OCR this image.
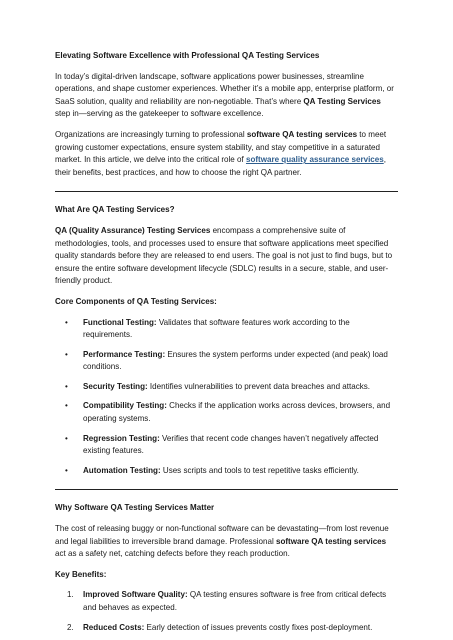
Elevating Software Excellence with Professional QA Testing Services

In today’s digital-driven landscape, software applications power businesses, streamline operations, and shape customer experiences. Whether it’s a mobile app, enterprise platform, or SaaS solution, quality and reliability are non-negotiable. That’s where QA Testing Services step in—serving as the gatekeeper to software excellence.

Organizations are increasingly turning to professional software QA testing services to meet growing customer expectations, ensure system stability, and stay competitive in a saturated market. In this article, we delve into the critical role of software quality assurance services, their benefits, best practices, and how to choose the right QA partner.

What Are QA Testing Services?

QA (Quality Assurance) Testing Services encompass a comprehensive suite of methodologies, tools, and processes used to ensure that software applications meet specified quality standards before they are released to end users. The goal is not just to find bugs, but to ensure the entire software development lifecycle (SDLC) results in a secure, stable, and user-friendly product.

Core Components of QA Testing Services:

• Functional Testing: Validates that software features work according to the requirements.
• Performance Testing: Ensures the system performs under expected (and peak) load conditions.
• Security Testing: Identifies vulnerabilities to prevent data breaches and attacks.
• Compatibility Testing: Checks if the application works across devices, browsers, and operating systems.
• Regression Testing: Verifies that recent code changes haven’t negatively affected existing features.
• Automation Testing: Uses scripts and tools to test repetitive tasks efficiently.

Why Software QA Testing Services Matter

The cost of releasing buggy or non-functional software can be devastating—from lost revenue and legal liabilities to irreversible brand damage. Professional software QA testing services act as a safety net, catching defects before they reach production.

Key Benefits:

1. Improved Software Quality: QA testing ensures software is free from critical defects and behaves as expected.
2. Reduced Costs: Early detection of issues prevents costly fixes post-deployment.
